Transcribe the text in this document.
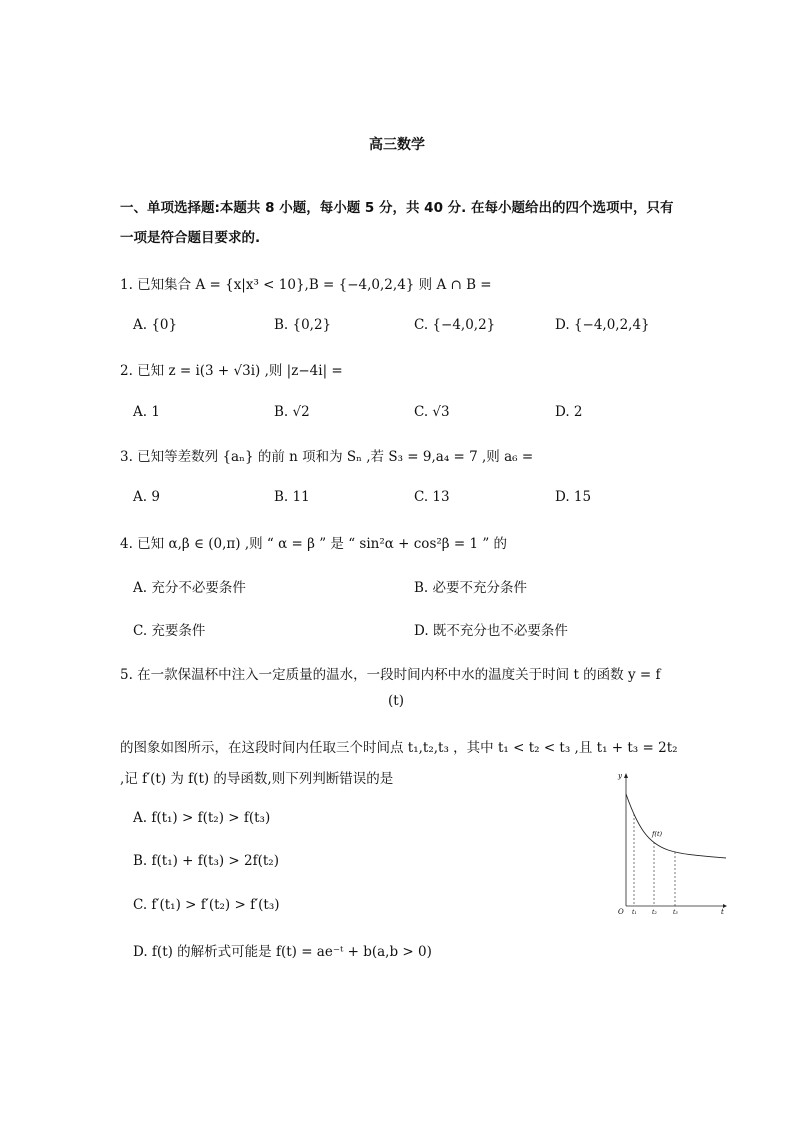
高三数学
一、单项选择题:本题共 8 小题，每小题 5 分，共 40 分. 在每小题给出的四个选项中，只有
一项是符合题目要求的.
1. 已知集合 A = {x|x³ < 10},B = {−4,0,2,4} 则 A ∩ B =
A. {0}	B. {0,2}	C. {−4,0,2}	D. {−4,0,2,4}
2. 已知 z = i(3 + √3i) ,则 |z−4i| =
A. 1	B. √2	C. √3	D. 2
3. 已知等差数列 {aₙ} 的前 n 项和为 Sₙ ,若 S₃ = 9,a₄ = 7 ,则 a₆ =
A. 9	B. 11	C. 13	D. 15
4. 已知 α,β ∈ (0,π) ,则 “ α = β ” 是 “ sin²α + cos²β = 1 ” 的
A. 充分不必要条件	B. 必要不充分条件
C. 充要条件	D. 既不充分也不必要条件
5. 在一款保温杯中注入一定质量的温水，一段时间内杯中水的温度关于时间 t 的函数 y = f
(t)
的图象如图所示，在这段时间内任取三个时间点 t₁,t₂,t₃ ，其中 t₁ < t₂ < t₃ ,且 t₁ + t₃ = 2t₂
,记 f′(t) 为 f(t) 的导函数,则下列判断错误的是
A. f(t₁) > f(t₂) > f(t₃)
B. f(t₁) + f(t₃) > 2f(t₂)
C. f′(t₁) > f′(t₂) > f′(t₃)
D. f(t) 的解析式可能是 f(t) = ae⁻ᵗ + b(a,b > 0)
y
t
O
f(t)
t₁	t₂	t₃
